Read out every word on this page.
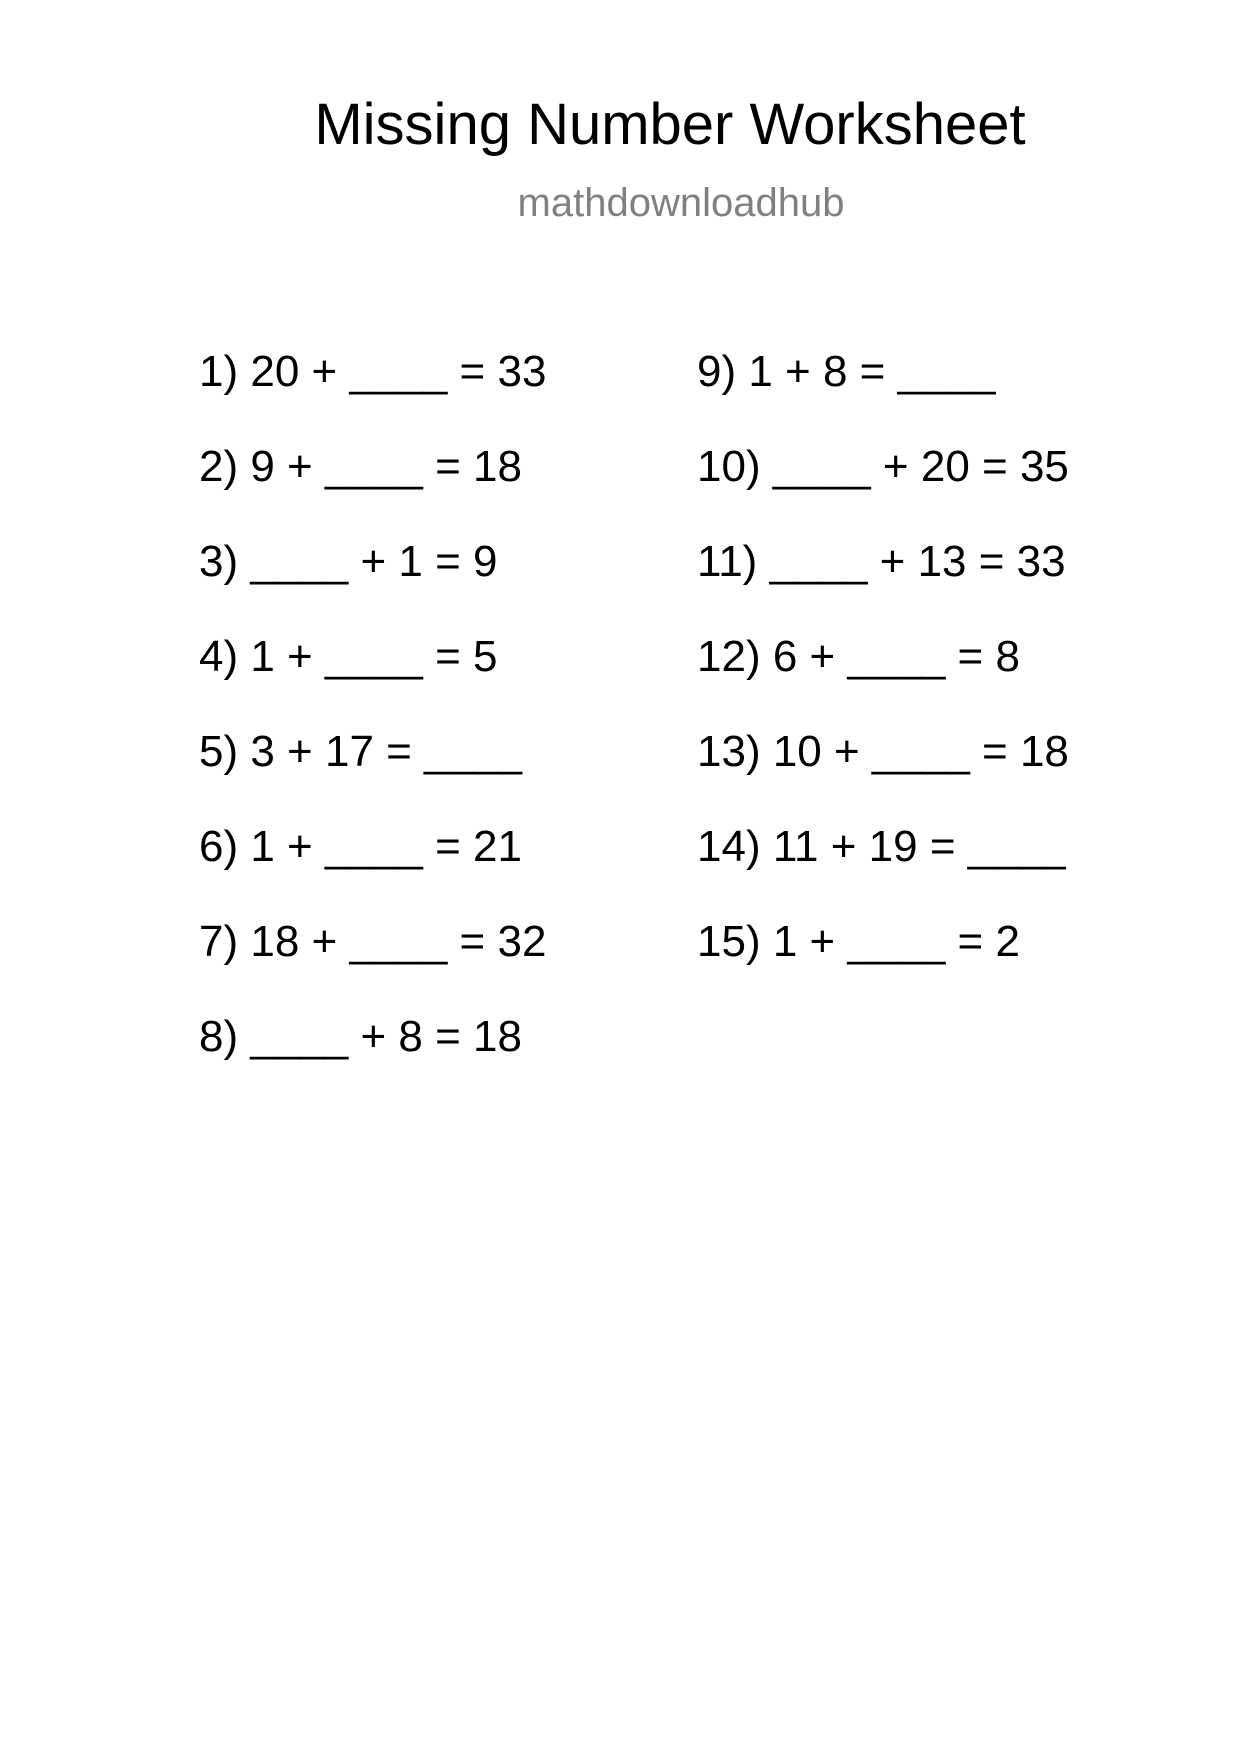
Missing Number Worksheet
mathdownloadhub
1) 20 + ____ = 33
2) 9 + ____ = 18
3) ____ + 1 = 9
4) 1 + ____ = 5
5) 3 + 17 = ____
6) 1 + ____ = 21
7) 18 + ____ = 32
8) ____ + 8 = 18
9) 1 + 8 = ____
10) ____ + 20 = 35
11) ____ + 13 = 33
12) 6 + ____ = 8
13) 10 + ____ = 18
14) 11 + 19 = ____
15) 1 + ____ = 2
